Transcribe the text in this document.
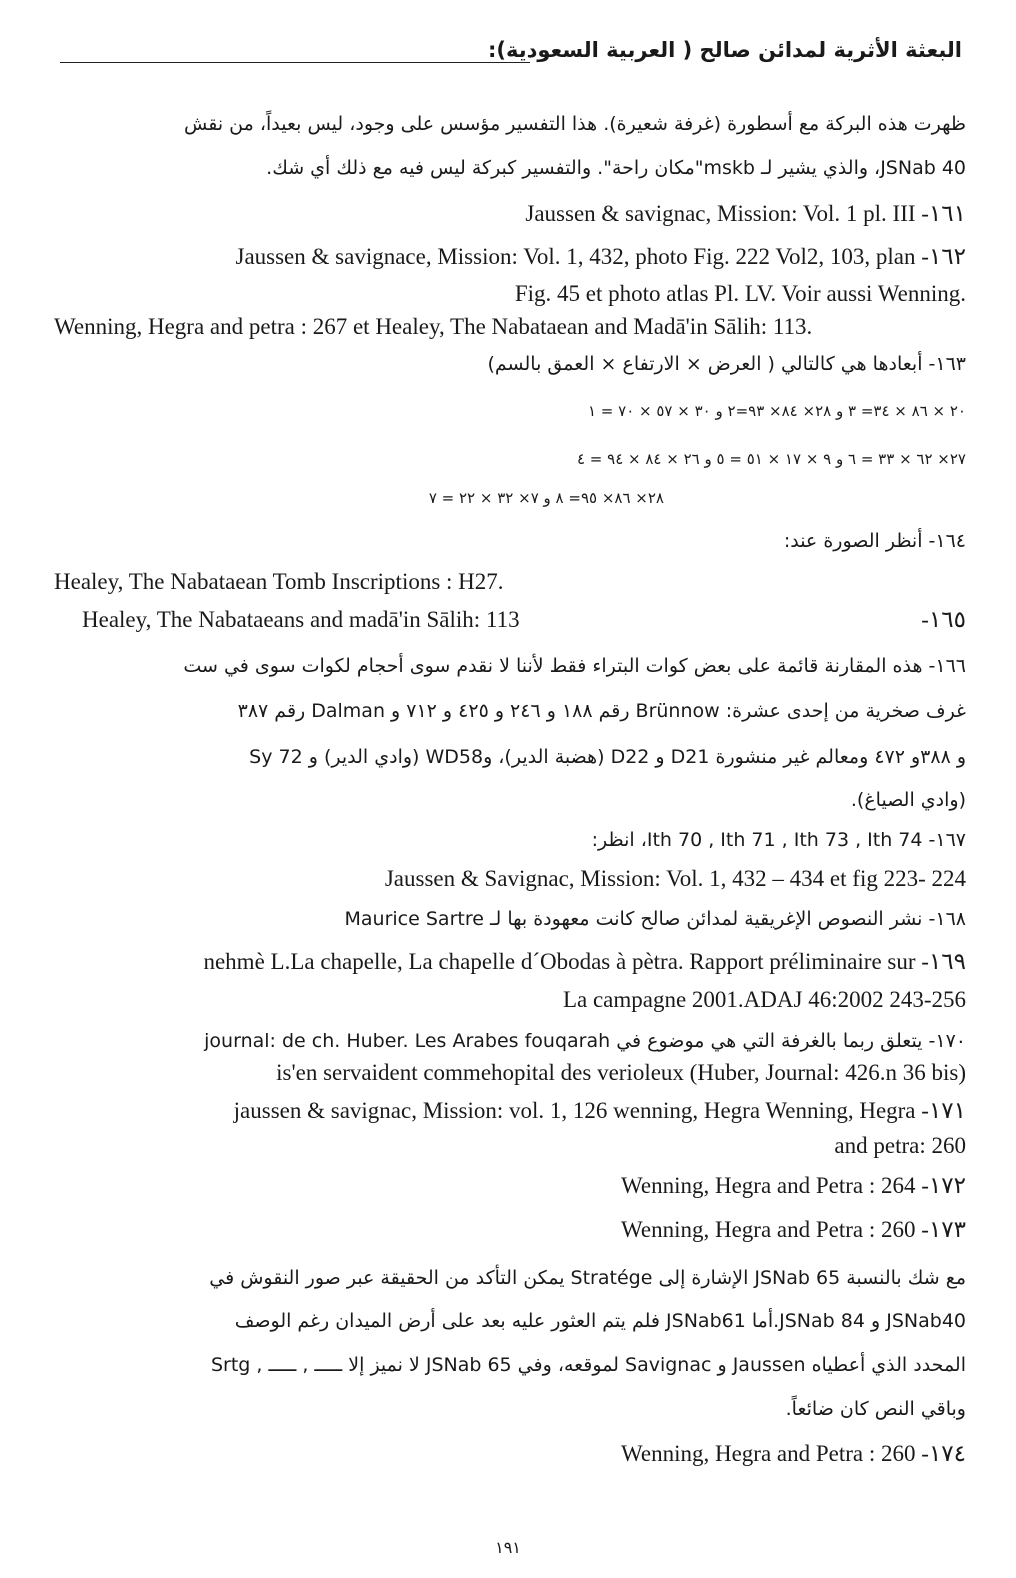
البعثة الأثرية لمدائن صالح ( العربية السعودية):
ظهرت هذه البركة مع أسطورة (غرفة شعيرة). هذا التفسير مؤسس على وجود، ليس بعيداً، من نقش
JSNab 40، والذي يشير لـ mskb"مكان راحة". والتفسير كبركة ليس فيه مع ذلك أي شك.
Jaussen & savignac, Mission: Vol. 1 pl. III -١٦١
Jaussen & savignace, Mission: Vol. 1, 432, photo Fig. 222 Vol2, 103, plan -١٦٢
Fig. 45 et photo atlas Pl. LV. Voir aussi Wenning.
Wenning, Hegra and petra : 267 et Healey, The Nabataean and Madā'in Sālih: 113.
١٦٣- أبعادها هي كالتالي ( العرض × الارتفاع × العمق بالسم)
٢٠ × ٨٦ × ٣٤= ٣ و ٢٨× ٨٤× ٩٣=٢ و ٣٠ × ٥٧ × ٧٠ = ١
٢٧× ٦٢ × ٣٣ = ٦ و ٩ × ١٧ × ٥١ = ٥ و ٢٦ × ٨٤ × ٩٤ = ٤
٢٨× ٨٦× ٩٥= ٨ و ٧× ٣٢ × ٢٢ = ٧
١٦٤- أنظر الصورة عند:
Healey, The Nabataean Tomb Inscriptions : H27.
Healey, The Nabataeans and madā'in Sālih: 113	-١٦٥
١٦٦- هذه المقارنة قائمة على بعض كوات البتراء فقط لأننا لا نقدم سوى أحجام لكوات سوى في ست
غرف صخرية من إحدى عشرة: Brünnow رقم ١٨٨ و ٢٤٦ و ٤٢٥ و ٧١٢ و Dalman رقم ٣٨٧
و ٣٨٨و ٤٧٢ ومعالم غير منشورة D21 و D22 (هضبة الدير)، وWD58 (وادي الدير) و 72 Sy
(وادي الصياغ).
١٦٧- Ith 70 , Ith 71 , Ith 73 , Ith 74، انظر:
Jaussen & Savignac, Mission: Vol. 1, 432 – 434 et fig 223- 224
١٦٨- نشر النصوص الإغريقية لمدائن صالح كانت معهودة بها لـ Maurice Sartre
nehmè L.La chapelle, La chapelle d´Obodas à pètra. Rapport préliminaire sur -١٦٩
La campagne 2001.ADAJ 46:2002 243-256
١٧٠- يتعلق ربما بالغرفة التي هي موضوع في journal: de ch. Huber. Les Arabes fouqarah
is'en servaident commehopital des verioleux (Huber, Journal: 426.n 36 bis)
jaussen & savignac, Mission: vol. 1, 126 wenning, Hegra Wenning, Hegra -١٧١
and petra: 260
Wenning, Hegra and Petra : 264 -١٧٢
Wenning, Hegra and Petra : 260 -١٧٣
مع شك بالنسبة JSNab 65 الإشارة إلى Stratége يمكن التأكد من الحقيقة عبر صور النقوش في
JSNab40 و 84 JSNab.أما JSNab61 فلم يتم العثور عليه بعد على أرض الميدان رغم الوصف
المحدد الذي أعطياه Jaussen و Savignac لموقعه، وفي JSNab 65 لا نميز إلا ـــــ , ـــــ , Srtg
وباقي النص كان ضائعاً.
Wenning, Hegra and Petra : 260 -١٧٤
١٩١
